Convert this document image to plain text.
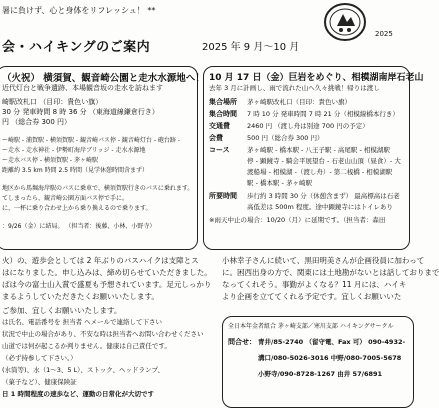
暑に負けず、心と身体をリフレッシュ！ **
会・ハイキングのご案内	2025 年 9 月〜10 月
2025
（火祝） 横須賀、観音崎公園と走水水源地へ！
近代灯台と戦争遺跡、本場観音坂の走水を訪ねます
崎駅改札口 （目印：貴色い旗）
30 分 発車時間 8 時 36 分 （東海道線鎌倉行き）
円 （総合券 300 円）
ー崎駅 - 浦賀駅 - 横須賀駅 - 観音崎バス停 - 観音崎灯台 - 砲台跡 -
ー走水 - 走水神社 - 伊勢町海岸ブリッジ - 走水水源地
ー走水バス停 - 横須賀駅 - 茅ヶ崎駅
距離約 3.5 km 時間 2.5 時間（見学休憩時間含まず）
地区から馬堀海岸駅のバスに乗車で、横須賀駅行きのバスに乗れます。
てしまったら、観音崎公園方面バス停で手に。
に、一杯に乗り合わせ上から乗り換えるので乗ります。
：9/26（金）に結局。 （担当者：後藤、小林、小野寺）
10 月 17 日（金）巨岩をめぐり、相模湖南岸石老山
去年 3 月に計画し、雨で流れた山へ久々挑戦！帰りは渡し
集合場所	茅ヶ崎駅改札口（目印：貴色い旗）
集合時間	7 時 10 分 発車時間 7 時 21 分（相模線橋本行き）
交通費	2460 円 （渡し舟は別途 700 円の予定）
会費	500 円（総合券 300 円）
コース	茅ヶ崎駅 - 橋本駅 - 八王子駅 - 高尾駅 - 相模湖駅
停 - 顕鏡寺 - 騎会平展望台 - 石老山山頂（昼食）- 大
渡船場 - 相模湖 -（渡し舟）- 第二桟橋 - 相模湖駅
駅 - 橋本駅 - 茅ヶ崎駅
所要時間	歩行約 3 時間 30 分（休憩含まず） 最高標高は石老
高低差は 500m 程度。途中顕鏡寺にはトイレあり
※雨天中止の場合：10/20（月）に延期です。（担当者：森田
火）の、遊歩会としては 2 年ぶりのバスハイクは支障とス
はになりました。申し込みは、締め切らせていただきました。
ぱは今の富士山入賞で盛夏も予想されています。足元しっかり
まるようしていただきたくお願いいたします。
ご参加、宜しくお願いいたします。
小林幸子さんに続いて、黒田明美さんが企画役員に加わって
に。困西出身の方で、関東には土地勘がないとは話しておりまで
なってくれそう。事勤がよくなる？11 月には、ハイキ
より企画を立ててくれる予定です。宜しくお願いいた
は氏名、電話番号を 担当者 へメールで連絡して下さい
状況で中止の場合があり、不安な時は担当者へお問い合わせください
山道では何が起こるか判りません。健康は自己責任です。
（必ず持参して下さい。）
(水筒等)、水（1〜3、5 L）、ストック、ヘッドランプ、
（菓子など）、健康保険証
日 1 時間程度の速歩など、運動の日常化が大切です
全日本年金者組合 茅ヶ崎支部／寒川支部 ハイキングサークル
問合せ： 青井/85-2740 （留守電、Fax 可） 090-4932-
溝口/080-5026-3016 中野/080-7005-5678
小野寺/090-8728-1267 由井 57/6891
